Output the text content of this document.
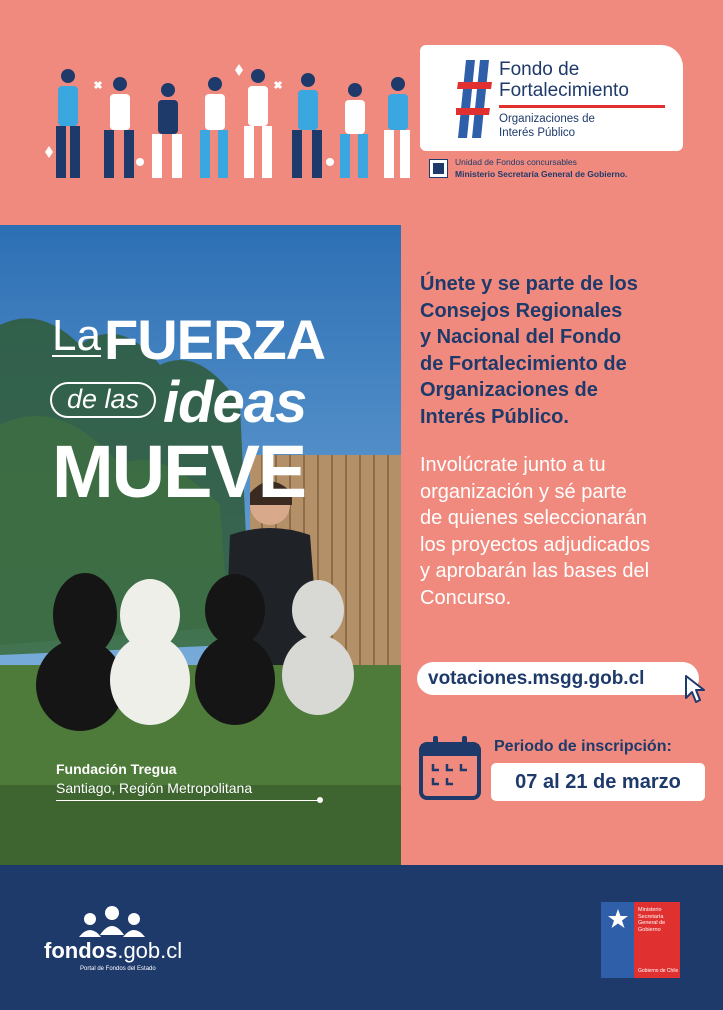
Fondo de
Fortalecimiento
Organizaciones de
Interés Público
Unidad de Fondos concursables
Ministerio Secretaría General de Gobierno.
La FUERZA
de las ideas
MUEVE
Fundación Tregua
Santiago, Región Metropolitana
Únete y se parte de los
Consejos Regionales
y Nacional del Fondo
de Fortalecimiento de
Organizaciones de
Interés Público.
Involúcrate junto a tu
organización y sé parte
de quienes seleccionarán
los proyectos adjudicados
y aprobarán las bases del
Concurso.
votaciones.msgg.gob.cl
Periodo de inscripción:
07 al 21 de marzo
fondos.gob.cl
Portal de Fondos del Estado
Ministerio
Secretaría
General de
Gobierno
Gobierno de Chile
